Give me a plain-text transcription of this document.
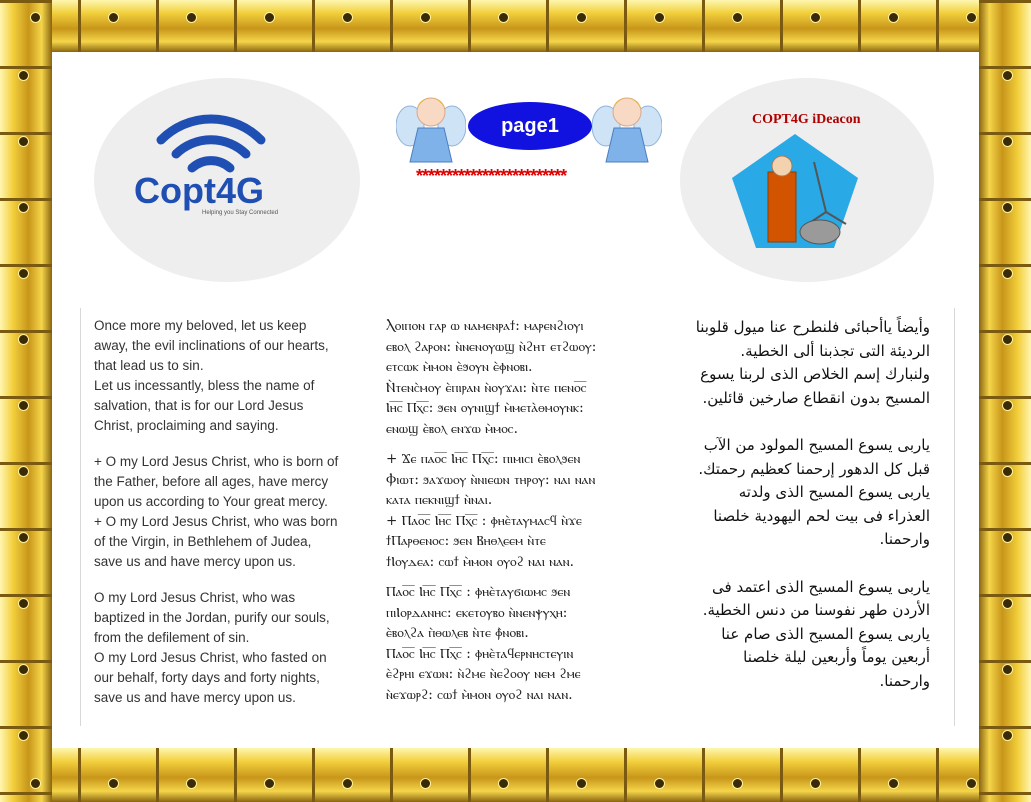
Copt4G
Helping you Stay Connected
page1
*************************
COPT4G iDeacon

Once more my beloved, let us keep
away, the evil inclinations of our hearts,
that lead us to sin.
Let us incessantly, bless the name of
salvation, that is for our Lord Jesus
Christ, proclaiming and saying.

+ O my Lord Jesus Christ, who is born of
the Father, before all ages, have mercy
upon us according to Your great mercy.
+ O my Lord Jesus Christ, who was born
of the Virgin, in Bethlehem of Judea,
save us and have mercy upon us.

O my Lord Jesus Christ, who was
baptized in the Jordan, purify our souls,
from the defilement of sin.
O my Lord Jesus Christ, who fasted on
our behalf, forty days and forty nights,
save us and have mercy upon us.

Ⲗⲟⲓⲡⲟⲛ ⲅⲁⲣ ⲱ ⲛⲁⲙⲉⲛⲣⲁϯ: ⲙⲁⲣⲉⲛϩⲓⲟⲩⲓ
ⲉⲃⲟⲗ ϩⲁⲣⲟⲛ: ⲛ̀ⲛⲉⲛⲟⲩⲱϣ ⲛ̀ϩⲏⲧ ⲉⲧϩⲱⲟⲩ:
ⲉⲧⲥⲱⲕ ⲙ̀ⲙⲟⲛ ⲉ̀ϧⲟⲩⲛ ⲉ̀ⲫⲛⲟⲃⲓ.
Ⲛ̀ⲧⲉⲛⲥ̀ⲙⲟⲩ ⲉ̀ⲡⲓⲣⲁⲛ ⲛ̀ⲟⲩϫⲁⲓ: ⲛ̀ⲧⲉ ⲡⲉⲛⲟ̅ⲥ̅
Ⲓⲏ̅ⲥ̅ Ⲡⲭ̅ⲥ̅: ϧⲉⲛ ⲟⲩⲛⲓϣϯ ⲙ̀ⲙⲉⲧⲁ̀ⲑⲙⲟⲩⲛⲕ:
ⲉⲛⲱϣ ⲉ̀ⲃⲟⲗ ⲉⲛϫⲱ ⲙ̀ⲙⲟⲥ.

+ Ϫⲉ ⲡⲁⲟ̅ⲥ̅ Ⲓⲏ̅ⲥ̅ Ⲡⲭ̅ⲥ̅: ⲡⲓⲙⲓⲥⲓ ⲉ̀ⲃⲟⲗϧⲉⲛ
Ⲫⲓⲱⲧ: ϧⲁϫⲱⲟⲩ ⲛ̀ⲛⲓⲉⲱⲛ ⲧⲏⲣⲟⲩ: ⲛⲁⲓ ⲛⲁⲛ
ⲕⲁⲧⲁ ⲡⲉⲕⲛⲓϣϯ ⲛ̀ⲛⲁⲓ.
+ Ⲡⲁⲟ̅ⲥ̅ Ⲓⲏ̅ⲥ̅ Ⲡⲭ̅ⲥ̅ : ⲫⲏⲉ̀ⲧⲁⲩⲙⲁⲥϥ ⲛ̀ϫⲉ
ϯⲠⲁⲣⲑⲉⲛⲟⲥ: ϧⲉⲛ Ⲃⲏⲑⲗⲉⲉⲙ ⲛ̀ⲧⲉ
ϯⲒⲟⲩⲇⲉⲁ: ⲥⲱϯ ⲙ̀ⲙⲟⲛ ⲟⲩⲟϩ ⲛⲁⲓ ⲛⲁⲛ.

Ⲡⲁⲟ̅ⲥ̅ Ⲓⲏ̅ⲥ̅ Ⲡⲭ̅ⲥ̅ : ⲫⲏⲉ̀ⲧⲁⲩϭⲓⲱⲙⲥ ϧⲉⲛ
ⲡⲓⲒⲟⲣⲇⲁⲛⲏⲥ: ⲉⲕⲉⲧⲟⲩⲃⲟ ⲛ̀ⲛⲉⲛⲯⲩⲭⲏ:
ⲉ̀ⲃⲟⲗϩⲁ ⲡ̀ⲑⲱⲗⲉⲃ ⲛ̀ⲧⲉ ⲫ̀ⲛⲟⲃⲓ.
Ⲡⲁⲟ̅ⲥ̅ Ⲓⲏ̅ⲥ̅ Ⲡⲭ̅ⲥ̅ : ⲫⲏⲉ̀ⲧⲁϥⲉⲣⲛⲏⲥⲧⲉⲩⲓⲛ
ⲉ̀ϩⲣⲏⲓ ⲉϫⲱⲛ: ⲛ̀ϩⲙⲉ ⲛ̀ⲉϩⲟⲟⲩ ⲛⲉⲙ ϩⲙⲉ
ⲛ̀ⲉϫⲱⲣϩ: ⲥⲱϯ ⲙ̀ⲙⲟⲛ ⲟⲩⲟϩ ⲛⲁⲓ ⲛⲁⲛ.

وأيضاً ياأحبائى فلنطرح عنا ميول قلوبنا
الرديئة التى تجذبنا ألى الخطية.
ولنبارك إسم الخلاص الذى لربنا يسوع
المسيح بدون انقطاع صارخين قائلين.

ياربى يسوع المسيح المولود من الآب
قبل كل الدهور إرحمنا كعظيم رحمتك.
ياربى يسوع المسيح الذى ولدته
العذراء فى بيت لحم اليهودية خلصنا
وارحمنا.

ياربى يسوع المسيح الذى اعتمد فى
الأردن طهر نفوسنا من دنس الخطية.
ياربى يسوع المسيح الذى صام عنا
أربعين يوماً وأربعين ليلة خلصنا
وارحمنا.
